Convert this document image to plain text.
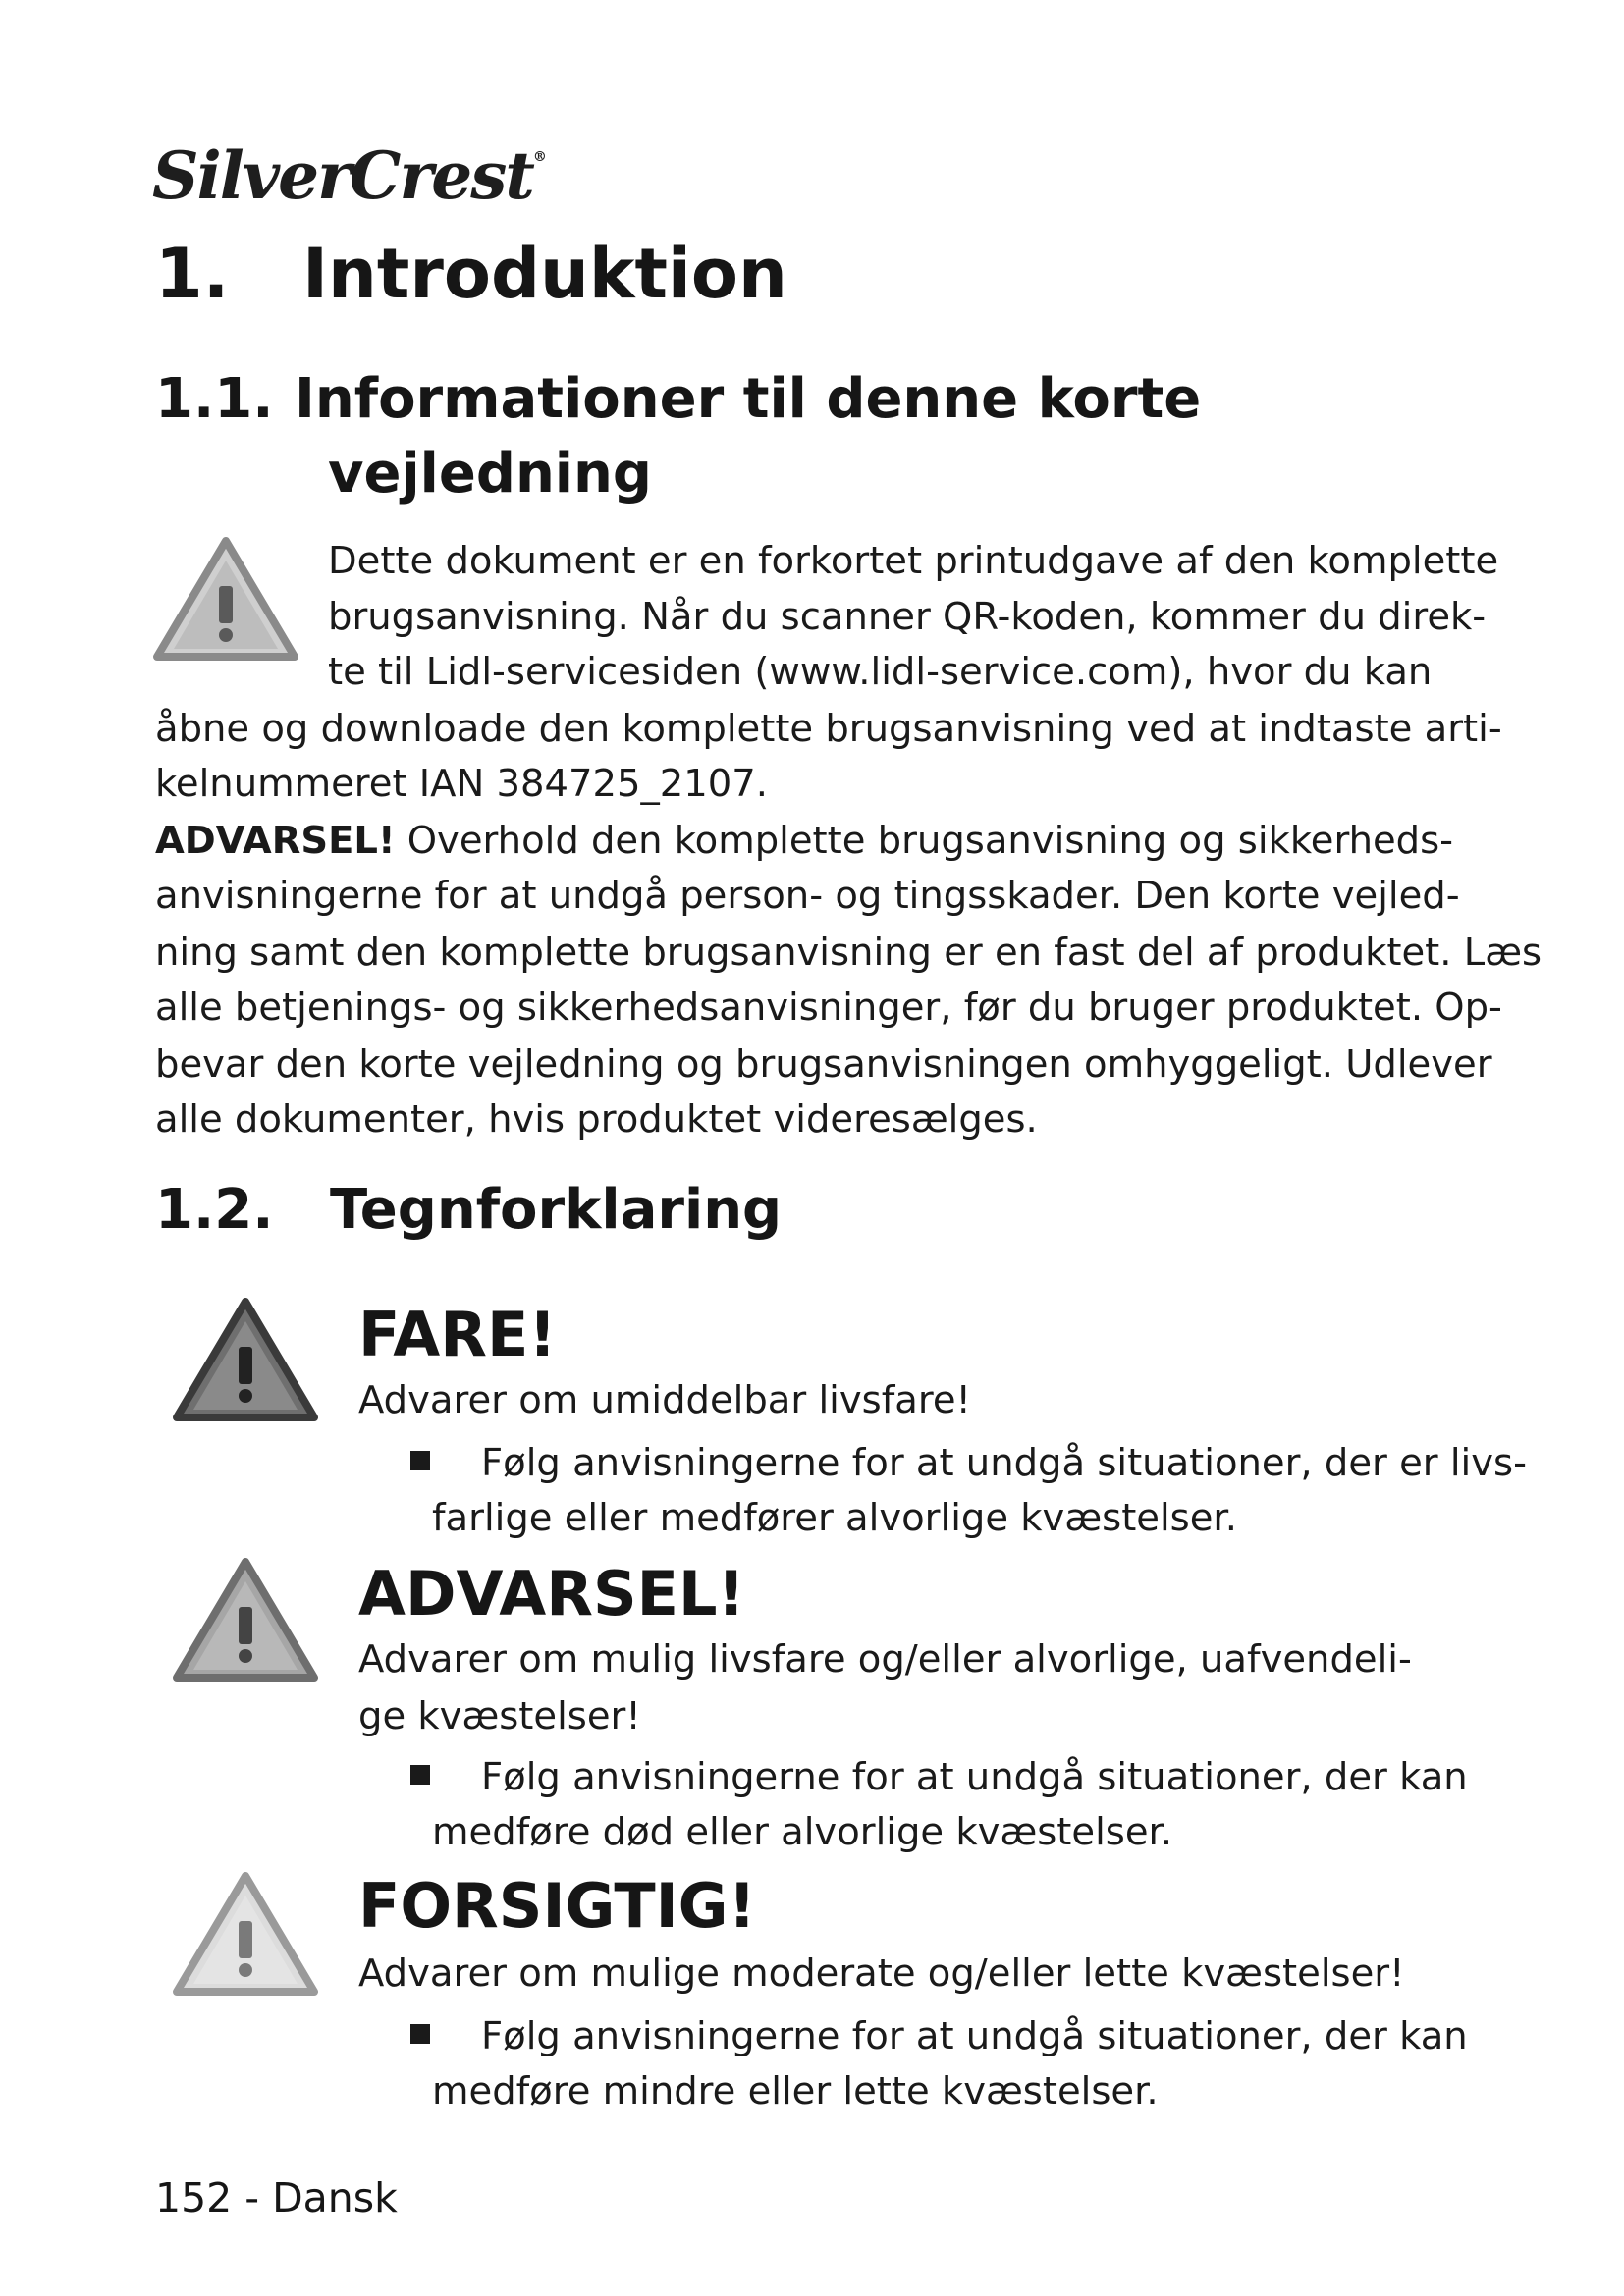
SilverCrest®
1. Introduktion
1.1. Informationer til denne korte
vejledning
Dette dokument er en forkortet printudgave af den komplette
brugsanvisning. Når du scanner QR-koden, kommer du direk-
te til Lidl-servicesiden (www.lidl-service.com), hvor du kan
åbne og downloade den komplette brugsanvisning ved at indtaste arti-
kelnummeret IAN 384725_2107.
ADVARSEL! Overhold den komplette brugsanvisning og sikkerheds-
anvisningerne for at undgå person- og tingsskader. Den korte vejled-
ning samt den komplette brugsanvisning er en fast del af produktet. Læs
alle betjenings- og sikkerhedsanvisninger, før du bruger produktet. Op-
bevar den korte vejledning og brugsanvisningen omhyggeligt. Udlever
alle dokumenter, hvis produktet videresælges.
1.2. Tegnforklaring
FARE!
Advarer om umiddelbar livsfare!
Følg anvisningerne for at undgå situationer, der er livs-
farlige eller medfører alvorlige kvæstelser.
ADVARSEL!
Advarer om mulig livsfare og/eller alvorlige, uafvendeli-
ge kvæstelser!
Følg anvisningerne for at undgå situationer, der kan
medføre død eller alvorlige kvæstelser.
FORSIGTIG!
Advarer om mulige moderate og/eller lette kvæstelser!
Følg anvisningerne for at undgå situationer, der kan
medføre mindre eller lette kvæstelser.
152 - Dansk
